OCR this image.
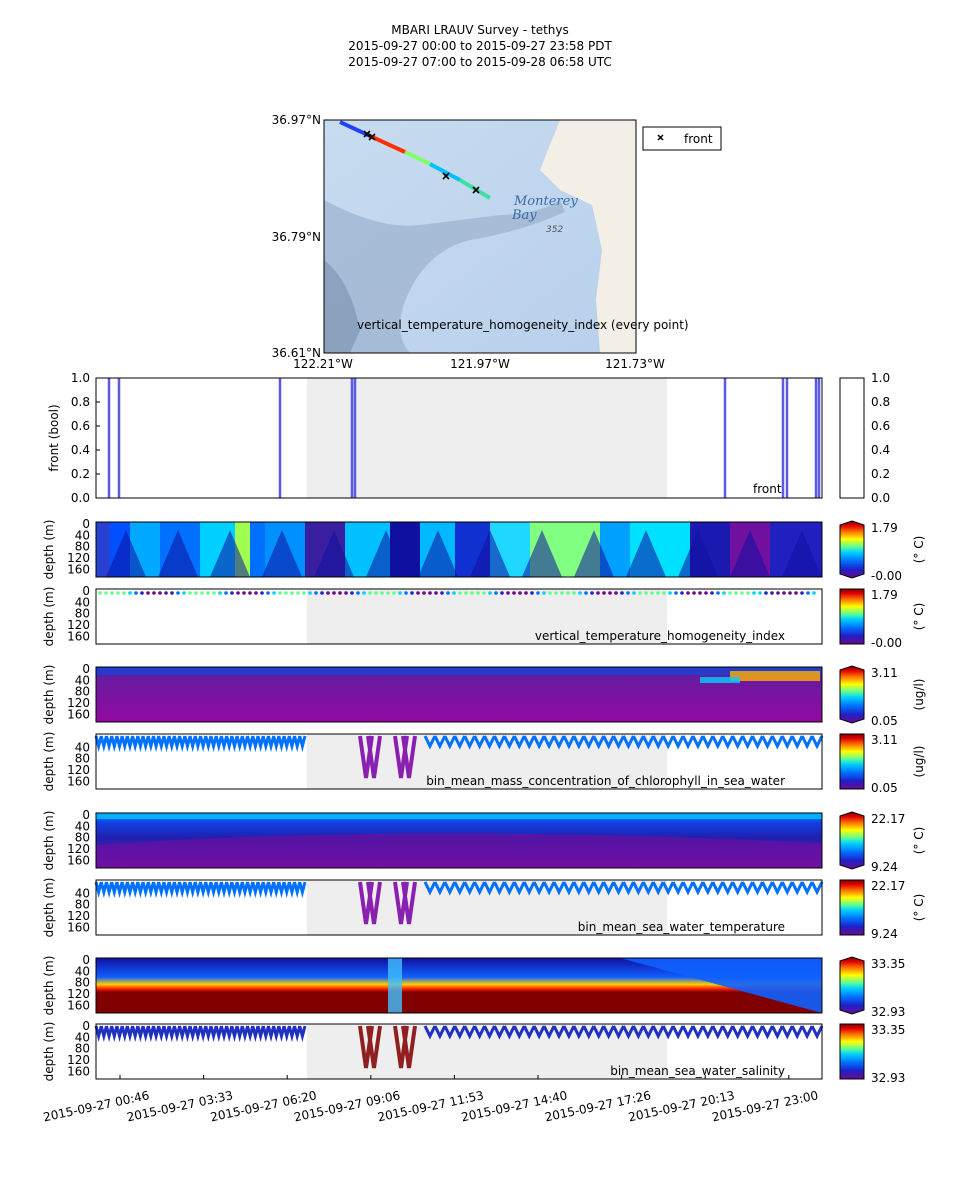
MBARI LRAUV Survey - tethys
2015-09-27 00:00 to 2015-09-27 23:58 PDT
2015-09-27 07:00 to 2015-09-28 06:58 UTC
Monterey
Bay
352
36.97°N
36.79°N
36.61°N
122.21°W	121.97°W	121.73°W
vertical_temperature_homogeneity_index (every point)
front
front
0.0
0.2
0.4
0.6
0.8
1.0
front (bool)
1.0
0.8
0.6
0.4
0.2
0.0
0
40
80
120
160
depth (m)	1.79
-0.00
(° C)
vertical_temperature_homogeneity_index
0
40
80
120
160
depth (m)	1.79
-0.00
(° C)
0
40
80
120
160
depth (m)	3.11
0.05
(ug/l)
bin_mean_mass_concentration_of_chlorophyll_in_sea_water
40
80
120
160
depth (m)	3.11
0.05
(ug/l)
0
40
80
120
160
depth (m)	22.17
9.24
(° C)
bin_mean_sea_water_temperature
40
80
120
160
depth (m)	22.17
9.24
(° C)
0
40
80
120
160
depth (m)	33.35
32.93
bin_mean_sea_water_salinity
0
40
80
120
160
depth (m)	33.35
32.93
2015-09-27 00:46
2015-09-27 03:33
2015-09-27 06:20
2015-09-27 09:06
2015-09-27 11:53
2015-09-27 14:40
2015-09-27 17:26
2015-09-27 20:13
2015-09-27 23:00
